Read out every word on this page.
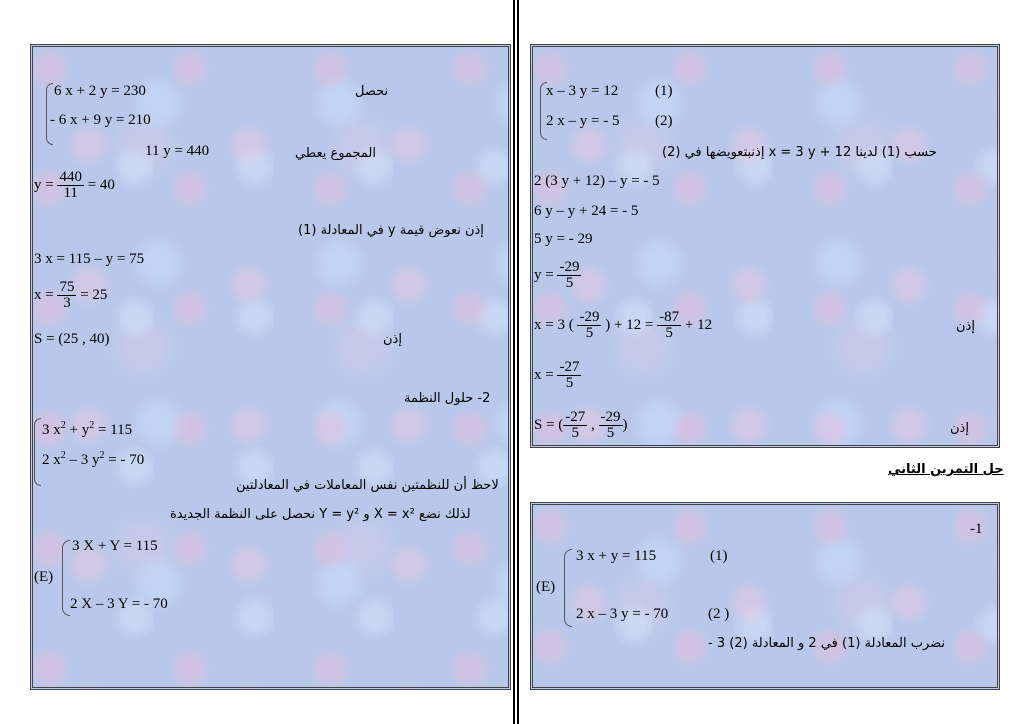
6 x + 2 y = 230	نحصل
- 6 x + 9 y = 210
المجموع يعطي
11 y = 440
$y = \frac{440}{11} = 40$
إذن نعوض قيمة y في المعادلة (1)
3 x = 115 – y = 75
$x = \frac{75}{3} = 25$
S = (25 , 40)	إذن
2- حلول النظمة
3 $x^2 + y^2 = 115$
2 $x^2 - 3$ $y^2$ = - 70
لاحظ أن للنظمتين نفس المعاملات في المعادلتين
لذلك نضع X = x² و Y = y² نحصل على النظمة الجديدة
(E)
3 X + Y = 115
2 X – 3 Y = - 70
x – 3 y = 12 (1)
2 x – y = - 5 (2)
حسب (1) لدينا x = 3 y + 12 إذنبتعويضها في (2)
2 (3 y + 12) – y = - 5
6 y – y + 24 = - 5
5 y = - 29
$y = \frac{-29}{5}$
x = 3 ( $\frac{-29}{5}$ ) + $12 = \frac{-87}{5} + 12$	إذن
$x = \frac{-27}{5}$
S = ( $\frac{-27}{5}$ , $\frac{-29}{5}$ )	إذن
حل التمرين الثاني
-1
(E)
3 x + y = 115	(1)
2 x – 3 y = - 70	(2 )
نضرب المعادلة (1) في 2 و المعادلة (2) 3 -
